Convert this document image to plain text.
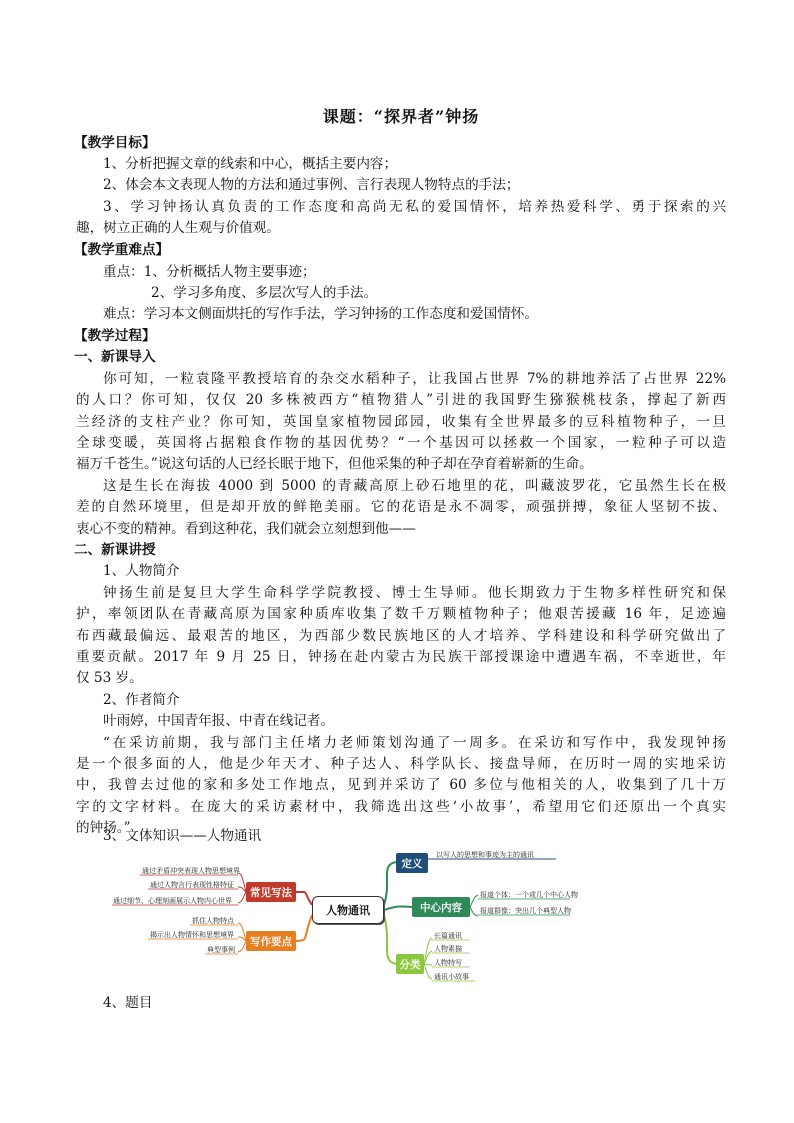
课题：“探界者”钟扬
【教学目标】
1、分析把握文章的线索和中心，概括主要内容；
2、体会本文表现人物的方法和通过事例、言行表现人物特点的手法；
3、学习钟扬认真负责的工作态度和高尚无私的爱国情怀，培养热爱科学、勇于探索的兴
趣，树立正确的人生观与价值观。
【教学重难点】
重点：1、分析概括人物主要事迹；
2、学习多角度、多层次写人的手法。
难点：学习本文侧面烘托的写作手法，学习钟扬的工作态度和爱国情怀。
【教学过程】
一、新课导入
你可知，一粒袁隆平教授培育的杂交水稻种子，让我国占世界 7%的耕地养活了占世界 22%
的人口？你可知，仅仅 20 多株被西方“植物猎人”引进的我国野生猕猴桃枝条，撑起了新西
兰经济的支柱产业？你可知，英国皇家植物园邱园，收集有全世界最多的豆科植物种子，一旦
全球变暖，英国将占据粮食作物的基因优势？“一个基因可以拯救一个国家，一粒种子可以造
福万千苍生。”说这句话的人已经长眠于地下，但他采集的种子却在孕育着崭新的生命。
这是生长在海拔 4000 到 5000 的青藏高原上砂石地里的花，叫藏波罗花，它虽然生长在极
差的自然环境里，但是却开放的鲜艳美丽。它的花语是永不凋零，顽强拼搏，象征人坚韧不拔、
衷心不变的精神。看到这种花，我们就会立刻想到他——
二、新课讲授
1、人物简介
钟扬生前是复旦大学生命科学学院教授、博士生导师。他长期致力于生物多样性研究和保
护，率领团队在青藏高原为国家种质库收集了数千万颗植物种子；他艰苦援藏 16 年，足迹遍
布西藏最偏远、最艰苦的地区，为西部少数民族地区的人才培养、学科建设和科学研究做出了
重要贡献。2017 年 9 月 25 日，钟扬在赴内蒙古为民族干部授课途中遭遇车祸，不幸逝世，年
仅 53 岁。
2、作者简介
叶雨婷，中国青年报、中青在线记者。
“在采访前期，我与部门主任堵力老师策划沟通了一周多。在采访和写作中，我发现钟扬
是一个很多面的人，他是少年天才、种子达人、科学队长、接盘导师，在历时一周的实地采访
中，我曾去过他的家和多处工作地点，见到并采访了 60 多位与他相关的人，收集到了几十万
字的文字材料。在庞大的采访素材中，我筛选出这些‘小故事’，希望用它们还原出一个真实
的钟扬。”
3、文体知识——人物通讯
4、题目
人物通讯
定义
以写人的思想和事迹为主的通讯
中心内容
报道个体：一个或几个中心人物
报道群像：突出几个典型人物
分类
长篇通讯
人物素描
人物特写
通讯小故事
常见写法
通过矛盾冲突表现人物思想境界
通过人物言行表现性格特征
通过细节、心理刻画展示人物内心世界
写作要点
抓住人物特点
揭示出人物情怀和思想境界
典型事例
